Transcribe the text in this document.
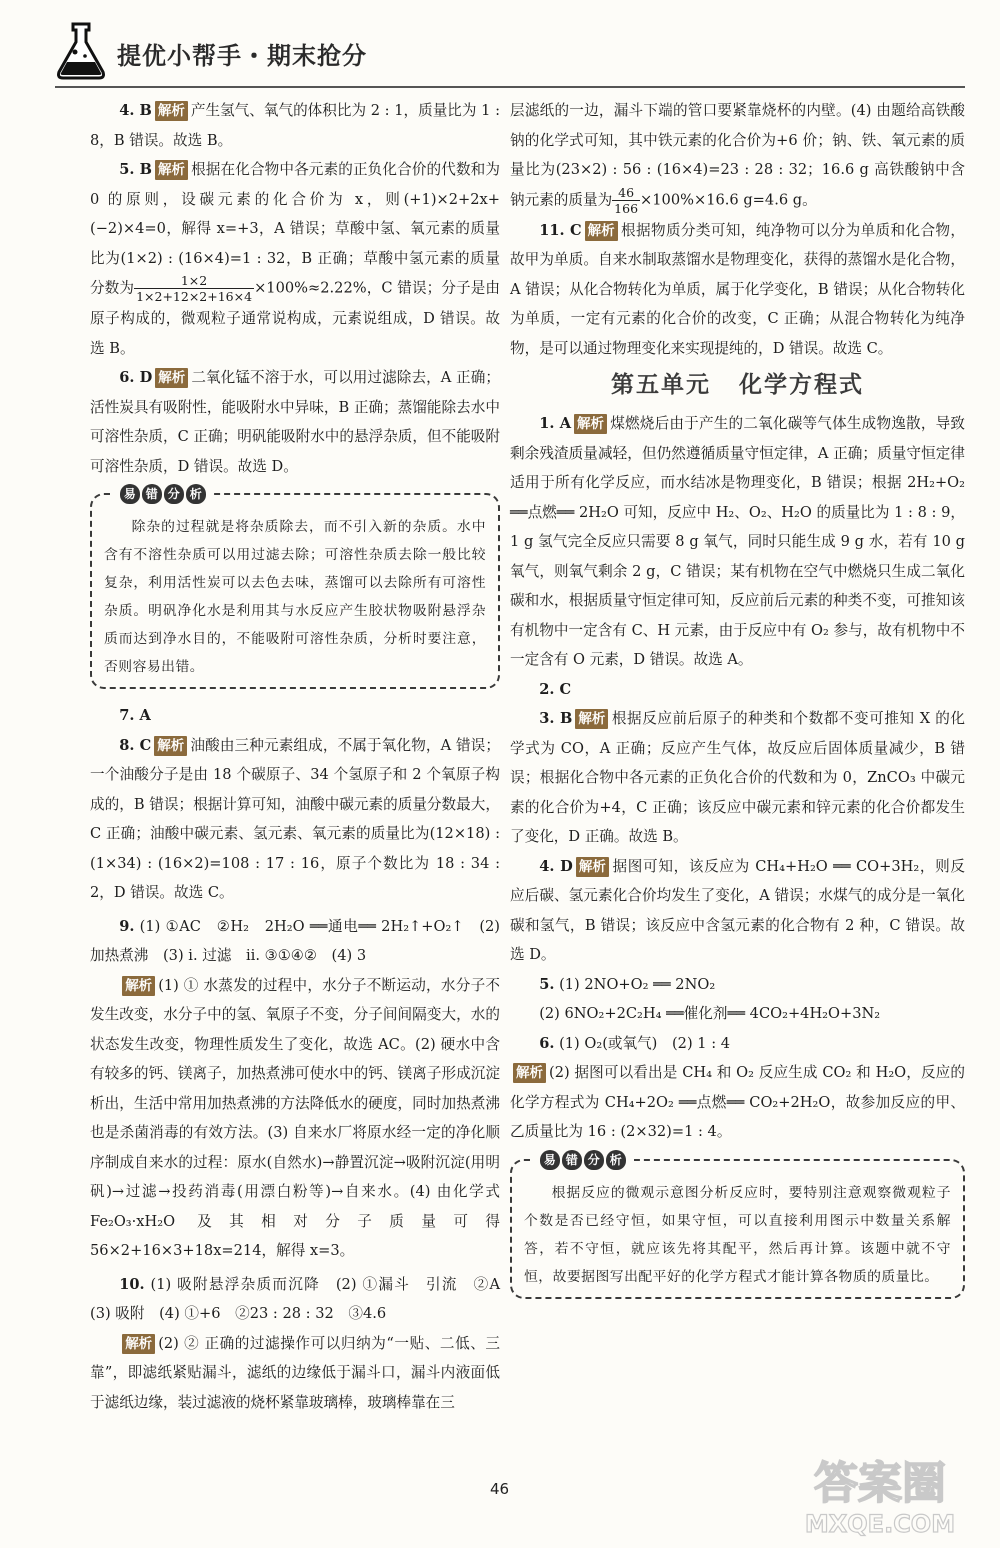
提优小帮手・期末抢分

4. B 解析 产生氢气、氧气的体积比为 2 : 1，质量比为 1 : 8，B 错误。故选 B。

5. B 解析 根据在化合物中各元素的正负化合价的代数和为 0 的原则，设碳元素的化合价为 x，则(+1)×2+2x+(−2)×4=0，解得 x=+3，A 错误；草酸中氢、氧元素的质量比为(1×2) : (16×4)=1 : 32，B 正确；草酸中氢元素的质量分数为 $\frac{1\times 2}{1\times 2+12\times 2+16\times 4} \times 100\%\approx 2.22\%$，C 错误；分子是由原子构成的，微观粒子通常说构成，元素说组成，D 错误。故选 B。

6. D 解析 二氧化锰不溶于水，可以用过滤除去，A 正确；活性炭具有吸附性，能吸附水中异味，B 正确；蒸馏能除去水中可溶性杂质，C 正确；明矾能吸附水中的悬浮杂质，但不能吸附可溶性杂质，D 错误。故选 D。

易 错 分 析

除杂的过程就是将杂质除去，而不引入新的杂质。水中含有不溶性杂质可以用过滤去除；可溶性杂质去除一般比较复杂，利用活性炭可以去色去味，蒸馏可以去除所有可溶性杂质。明矾净化水是利用其与水反应产生胶状物吸附悬浮杂质而达到净水目的，不能吸附可溶性杂质，分析时要注意，否则容易出错。

7. A

8. C 解析 油酸由三种元素组成，不属于氧化物，A 错误；一个油酸分子是由 18 个碳原子、34 个氢原子和 2 个氧原子构成的，B 错误；根据计算可知，油酸中碳元素的质量分数最大，C 正确；油酸中碳元素、氢元素、氧元素的质量比为(12×18) : (1×34) : (16×2)=108 : 17 : 16，原子个数比为 18 : 34 : 2，D 错误。故选 C。

9. (1) ①AC　②H₂　2H₂O ══通电══ 2H₂↑+O₂↑　(2) 加热煮沸　(3) ⅰ. 过滤　ⅱ. ③①④②　(4) 3

解析 (1) ① 水蒸发的过程中，水分子不断运动，水分子不发生改变，水分子中的氢、氧原子不变，分子间间隔变大，水的状态发生改变，物理性质发生了变化，故选 AC。(2) 硬水中含有较多的钙、镁离子，加热煮沸可使水中的钙、镁离子形成沉淀析出，生活中常用加热煮沸的方法降低水的硬度，同时加热煮沸也是杀菌消毒的有效方法。(3) 自来水厂将原水经一定的净化顺序制成自来水的过程：原水(自然水)→静置沉淀→吸附沉淀(用明矾)→过滤→投药消毒(用漂白粉等)→自来水。(4) 由化学式 Fe₂O₃·xH₂O 及其相对分子质量可得 56×2+16×3+18x=214，解得 x=3。

10. (1) 吸附悬浮杂质而沉降　(2) ①漏斗　引流　②A　(3) 吸附　(4) ①+6　②23 : 28 : 32　③4.6

解析 (2) ② 正确的过滤操作可以归纳为“一贴、二低、三靠”，即滤纸紧贴漏斗，滤纸的边缘低于漏斗口，漏斗内液面低于滤纸边缘，装过滤液的烧杯紧靠玻璃棒，玻璃棒靠在三

层滤纸的一边，漏斗下端的管口要紧靠烧杯的内壁。(4) 由题给高铁酸钠的化学式可知，其中铁元素的化合价为+6 价；钠、铁、氧元素的质量比为(23×2) : 56 : (16×4)=23 : 28 : 32；16.6 g 高铁酸钠中含钠元素的质量为 $\frac{46}{166} \times 100\%\times 16.6$ g=4.6 g。

11. C 解析 根据物质分类可知，纯净物可以分为单质和化合物，故甲为单质。自来水制取蒸馏水是物理变化，获得的蒸馏水是化合物，A 错误；从化合物转化为单质，属于化学变化，B 错误；从化合物转化为单质，一定有元素的化合价的改变，C 正确；从混合物转化为纯净物，是可以通过物理变化来实现提纯的，D 错误。故选 C。

第五单元 化学方程式

1. A 解析 煤燃烧后由于产生的二氧化碳等气体生成物逸散，导致剩余残渣质量减轻，但仍然遵循质量守恒定律，A 正确；质量守恒定律适用于所有化学反应，而水结冰是物理变化，B 错误；根据 2H₂+O₂ ══点燃══ 2H₂O 可知，反应中 H₂、O₂、H₂O 的质量比为 1 : 8 : 9，1 g 氢气完全反应只需要 8 g 氧气，同时只能生成 9 g 水，若有 10 g 氧气，则氧气剩余 2 g，C 错误；某有机物在空气中燃烧只生成二氧化碳和水，根据质量守恒定律可知，反应前后元素的种类不变，可推知该有机物中一定含有 C、H 元素，由于反应中有 O₂ 参与，故有机物中不一定含有 O 元素，D 错误。故选 A。

2. C

3. B 解析 根据反应前后原子的种类和个数都不变可推知 X 的化学式为 CO，A 正确；反应产生气体，故反应后固体质量减少，B 错误；根据化合物中各元素的正负化合价的代数和为 0，ZnCO₃ 中碳元素的化合价为+4，C 正确；该反应中碳元素和锌元素的化合价都发生了变化，D 正确。故选 B。

4. D 解析 据图可知，该反应为 CH₄+H₂O ══ CO+3H₂，则反应后碳、氢元素化合价均发生了变化，A 错误；水煤气的成分是一氧化碳和氢气，B 错误；该反应中含氢元素的化合物有 2 种，C 错误。故选 D。

5. (1) 2NO+O₂ ══ 2NO₂

(2) 6NO₂+2C₂H₄ ══催化剂══ 4CO₂+4H₂O+3N₂

6. (1) O₂(或氧气)　(2) 1 : 4

解析 (2) 据图可以看出是 CH₄ 和 O₂ 反应生成 CO₂ 和 H₂O，反应的化学方程式为 CH₄+2O₂ ══点燃══ CO₂+2H₂O，故参加反应的甲、乙质量比为 16 : (2×32)=1 : 4。

易 错 分 析

根据反应的微观示意图分析反应时，要特别注意观察微观粒子个数是否已经守恒，如果守恒，可以直接利用图示中数量关系解答，若不守恒，就应该先将其配平，然后再计算。该题中就不守恒，故要据图写出配平好的化学方程式才能计算各物质的质量比。

46	答案圈
MXQE.COM
